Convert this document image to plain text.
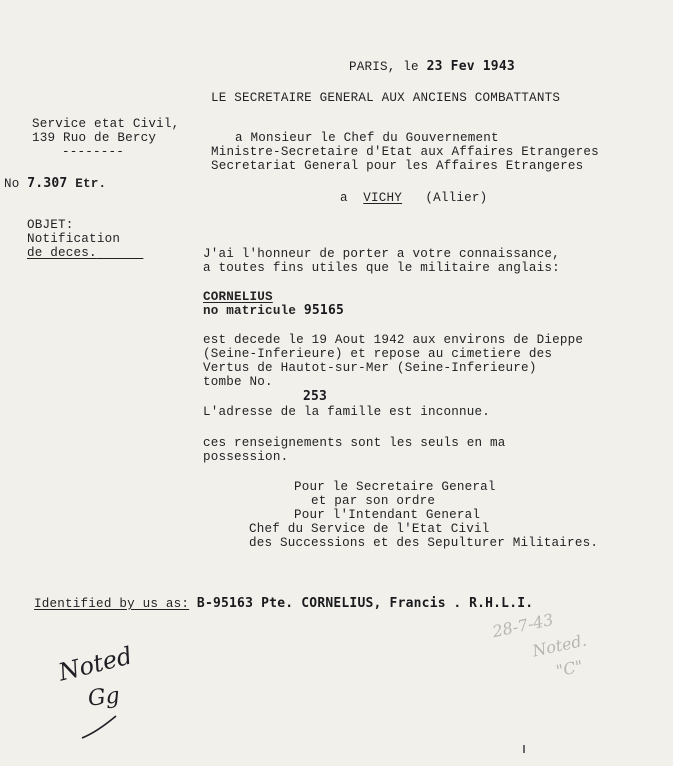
PARIS, le 23 Fev 1943
LE SECRETAIRE GENERAL AUX ANCIENS COMBATTANTS
Service etat Civil,
139 Ruo de Bercy
--------
a Monsieur le Chef du Gouvernement
Ministre-Secretaire d'Etat aux Affaires Etrangeres
Secretariat General pour les Affaires Etrangeres
No 7.307 Etr.
a VICHY (Allier)
OBJET:
Notification
de deces.	J'ai l'honneur de porter a votre connaissance,
a toutes fins utiles que le militaire anglais:
CORNELIUS
no matricule 95165
est decede le 19 Aout 1942 aux environs de Dieppe
(Seine-Inferieure) et repose au cimetiere des
Vertus de Hautot-sur-Mer (Seine-Inferieure)
tombe No.
253
L'adresse de la famille est inconnue.
ces renseignements sont les seuls en ma
possession.
Pour le Secretaire General
et par son ordre
Pour l'Intendant General
Chef du Service de l'Etat Civil
des Successions et des Sepulturer Militaires.
Identified by us as: B-95163 Pte. CORNELIUS, Francis . R.H.L.I.
28-7-43
Noted.
"C"
Noted
Gg
